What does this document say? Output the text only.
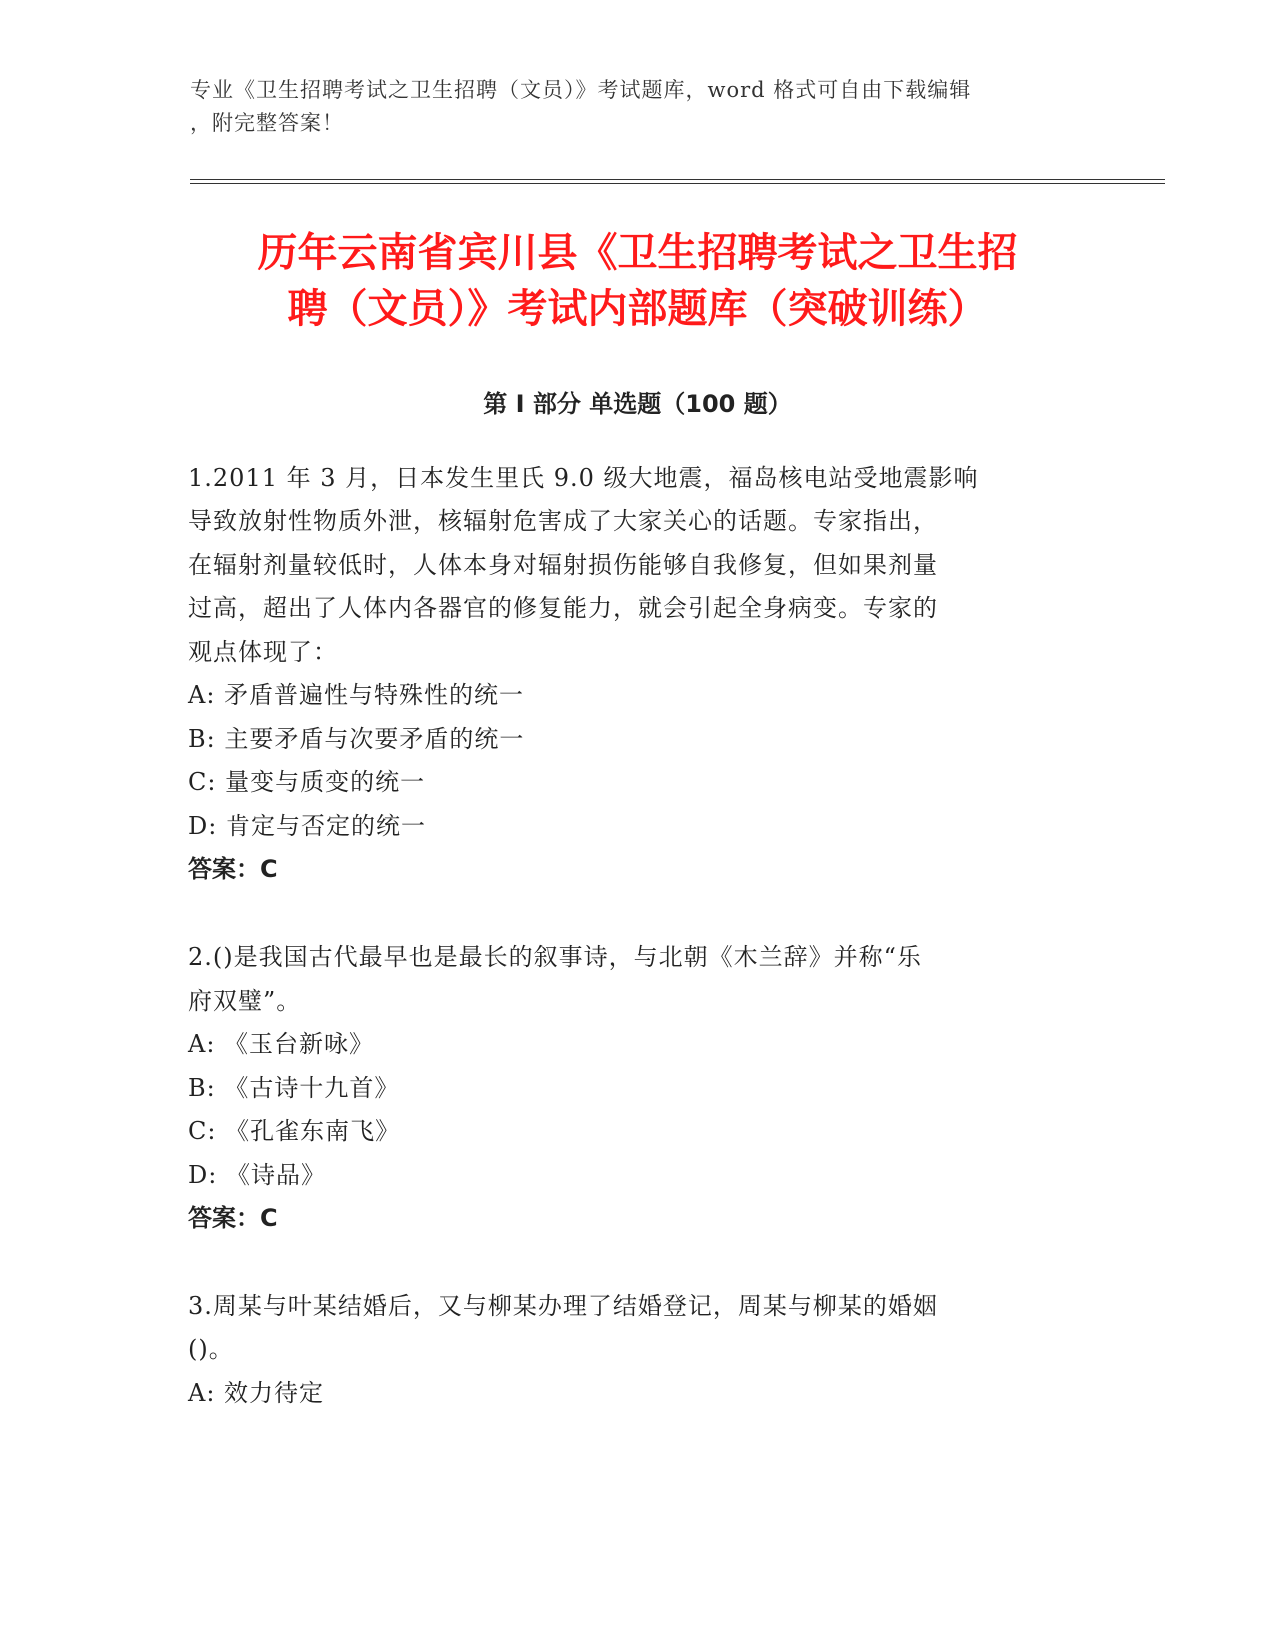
专业《卫生招聘考试之卫生招聘（文员）》考试题库，word 格式可自由下载编辑
，附完整答案！
历年云南省宾川县《卫生招聘考试之卫生招
聘（文员）》考试内部题库（突破训练）
第 I 部分 单选题（100 题）
1.2011 年 3 月，日本发生里氏 9.0 级大地震，福岛核电站受地震影响
导致放射性物质外泄，核辐射危害成了大家关心的话题。专家指出，
在辐射剂量较低时，人体本身对辐射损伤能够自我修复，但如果剂量
过高，超出了人体内各器官的修复能力，就会引起全身病变。专家的
观点体现了：
A: 矛盾普遍性与特殊性的统一
B: 主要矛盾与次要矛盾的统一
C: 量变与质变的统一
D: 肯定与否定的统一
答案：C
2.()是我国古代最早也是最长的叙事诗，与北朝《木兰辞》并称“乐
府双璧”。
A: 《玉台新咏》
B: 《古诗十九首》
C: 《孔雀东南飞》
D: 《诗品》
答案：C
3.周某与叶某结婚后，又与柳某办理了结婚登记，周某与柳某的婚姻
()。
A: 效力待定
